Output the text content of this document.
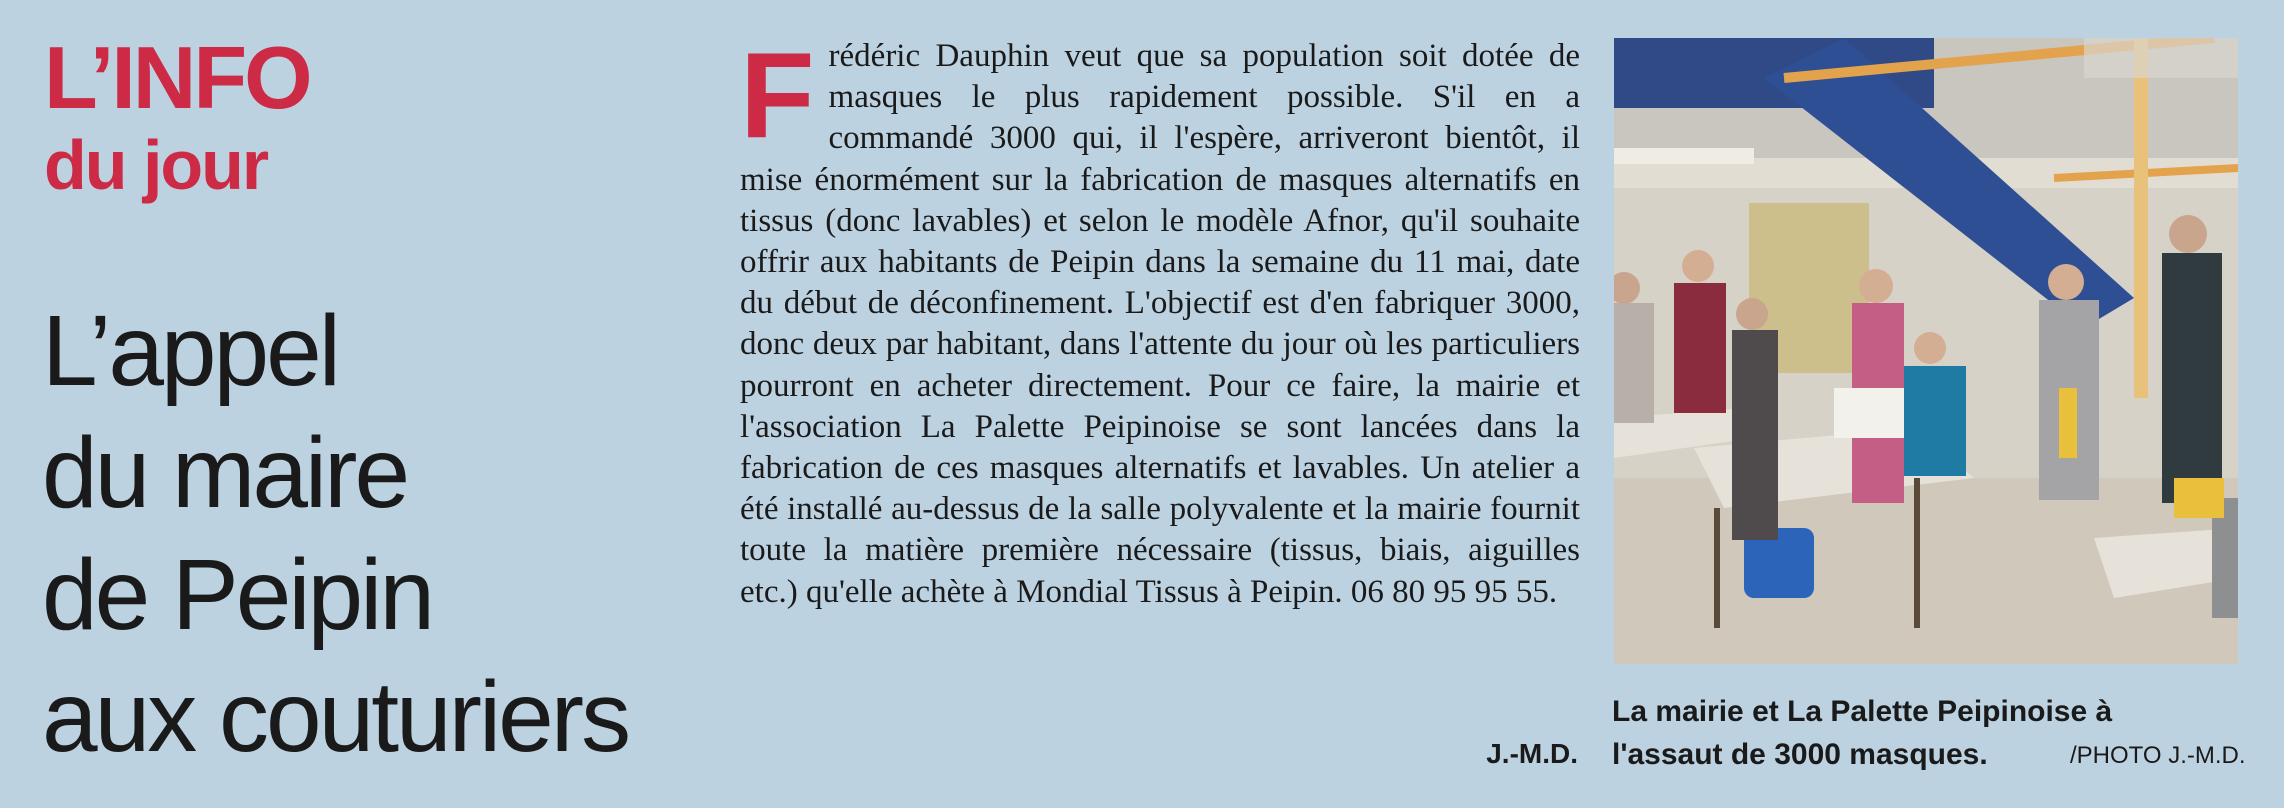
L’INFO
du jour
L’appel
du maire
de Peipin
aux couturiers
F rédéric Dauphin veut que sa population soit dotée de masques le plus rapidement possible. S'il en a commandé 3000 qui, il l'espère, arriveront bientôt, il mise énormément sur la fabrication de masques alternatifs en tissus (donc lavables) et selon le modèle Afnor, qu'il souhaite offrir aux habitants de Peipin dans la semaine du 11 mai, date du début de déconfinement. L'objectif est d'en fabriquer 3000, donc deux par habitant, dans l'attente du jour où les particuliers pourront en acheter directement. Pour ce faire, la mairie et l'association La Palette Peipinoise se sont lancées dans la fabrication de ces masques alternatifs et lavables. Un atelier a été installé au-dessus de la salle polyvalente et la mairie fournit toute la matière première nécessaire (tissus, biais, aiguilles etc.) qu'elle achète à Mondial Tissus à Peipin. 06 80 95 95 55.
J.-M.D.
La mairie et La Palette Peipinoise à
l'assaut de 3000 masques.	/PHOTO J.-M.D.
